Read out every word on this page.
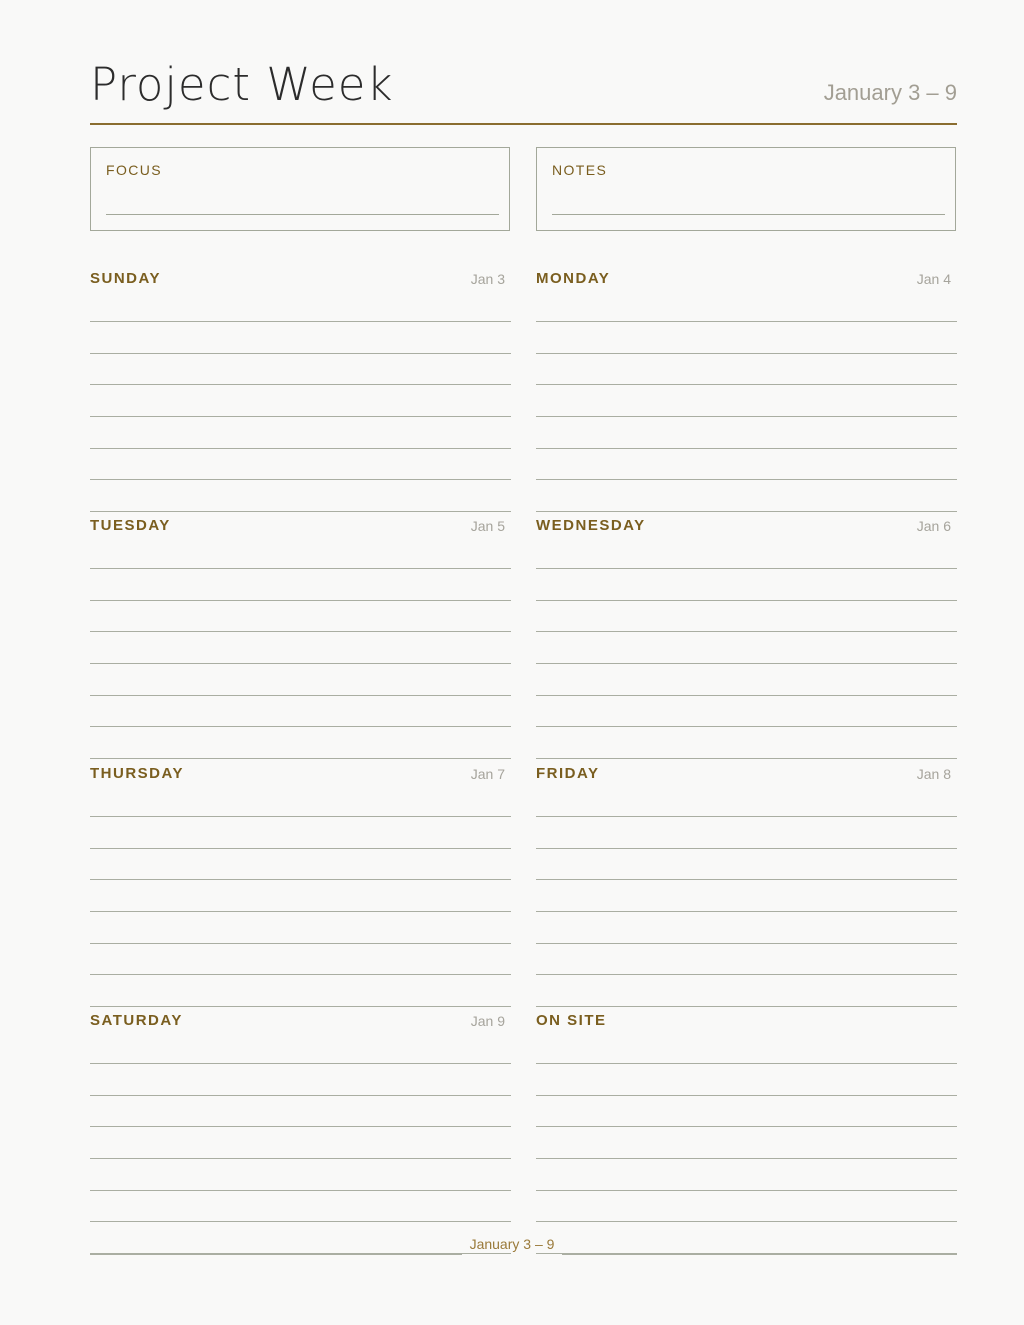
Project Week	January 3 – 9
FOCUS	NOTES
SUNDAY	Jan 3 MONDAY	Jan 4
TUESDAY	Jan 5 WEDNESDAY	Jan 6
THURSDAY	Jan 7 FRIDAY	Jan 8
SATURDAY	Jan 9 ON SITE
January 3 – 9
